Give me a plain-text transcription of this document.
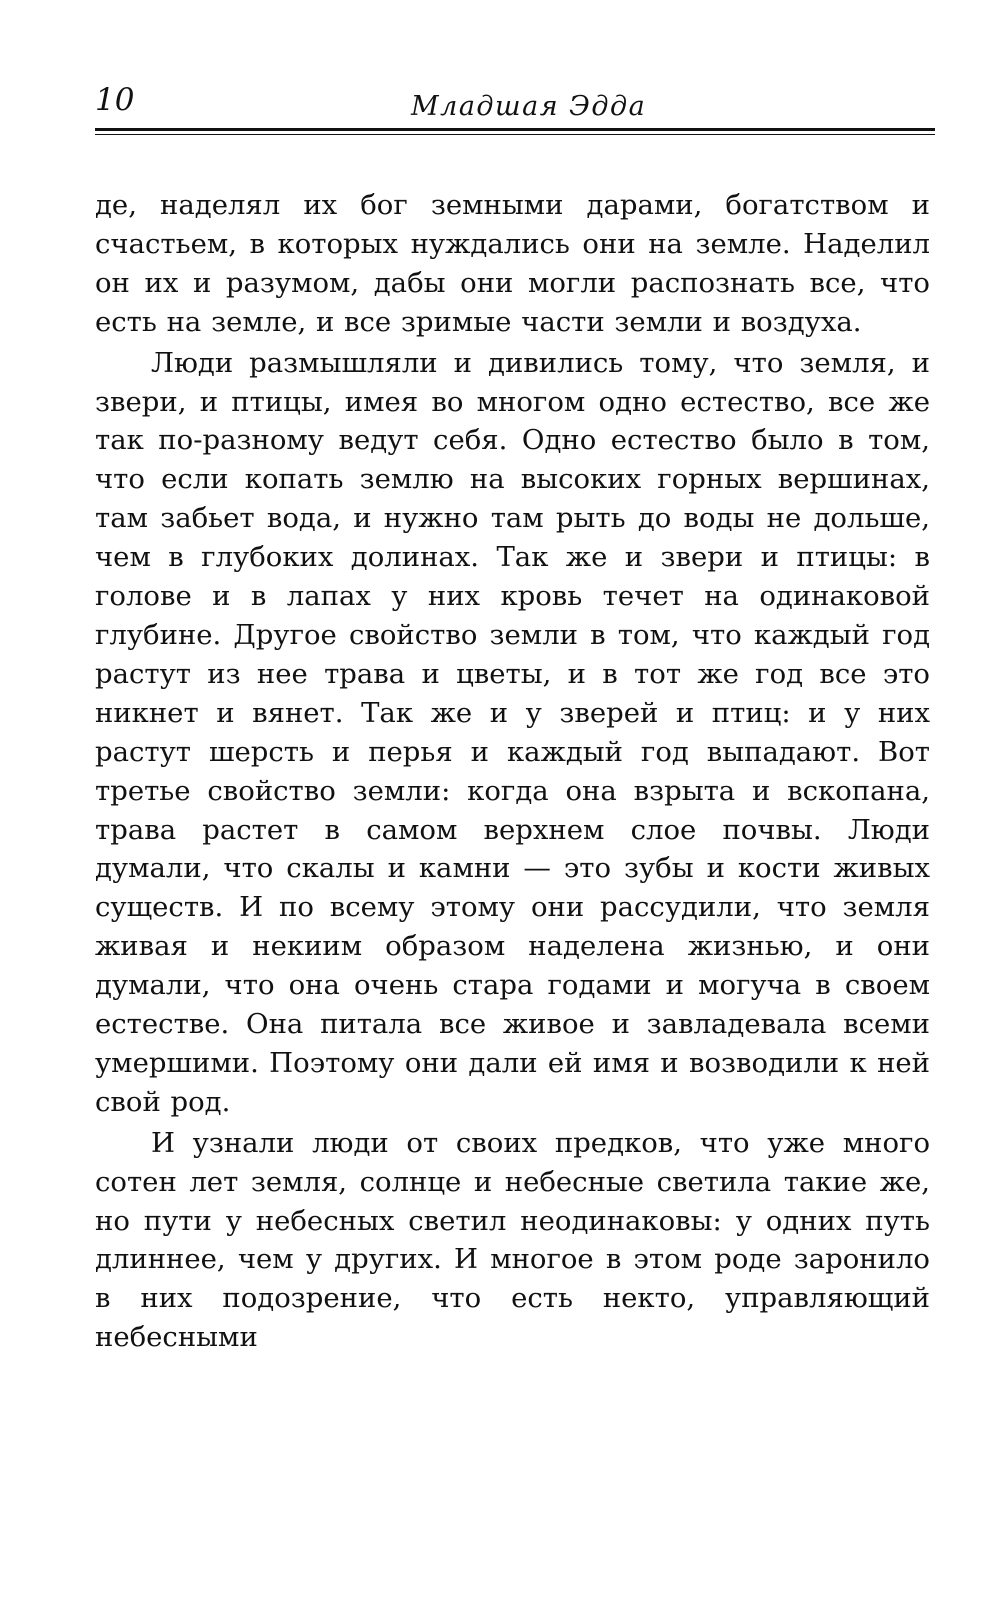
10	Младшая Эдда

де, наделял их бог земными дарами, богатством и счастьем, в которых нуждались они на земле. Наделил он их и разумом, дабы они могли распознать все, что есть на земле, и все зримые части земли и воздуха.

Люди размышляли и дивились тому, что земля, и звери, и птицы, имея во многом одно естество, все же так по-разному ведут себя. Одно естество было в том, что если копать землю на высоких горных вершинах, там забьет вода, и нужно там рыть до воды не дольше, чем в глубоких долинах. Так же и звери и птицы: в голове и в лапах у них кровь течет на одинаковой глубине. Другое свойство земли в том, что каждый год растут из нее трава и цветы, и в тот же год все это никнет и вянет. Так же и у зверей и птиц: и у них растут шерсть и перья и каждый год выпадают. Вот третье свойство земли: когда она взрыта и вскопана, трава растет в самом верхнем слое почвы. Люди думали, что скалы и камни — это зубы и кости живых существ. И по всему этому они рассудили, что земля живая и некиим образом наделена жизнью, и они думали, что она очень стара годами и могуча в своем естестве. Она питала все живое и завладевала всеми умершими. Поэтому они дали ей имя и возводили к ней свой род.

И узнали люди от своих предков, что уже много сотен лет земля, солнце и небесные светила такие же, но пути у небесных светил неодинаковы: у одних путь длиннее, чем у других. И многое в этом роде заронило в них подозрение, что есть некто, управляющий небесными
